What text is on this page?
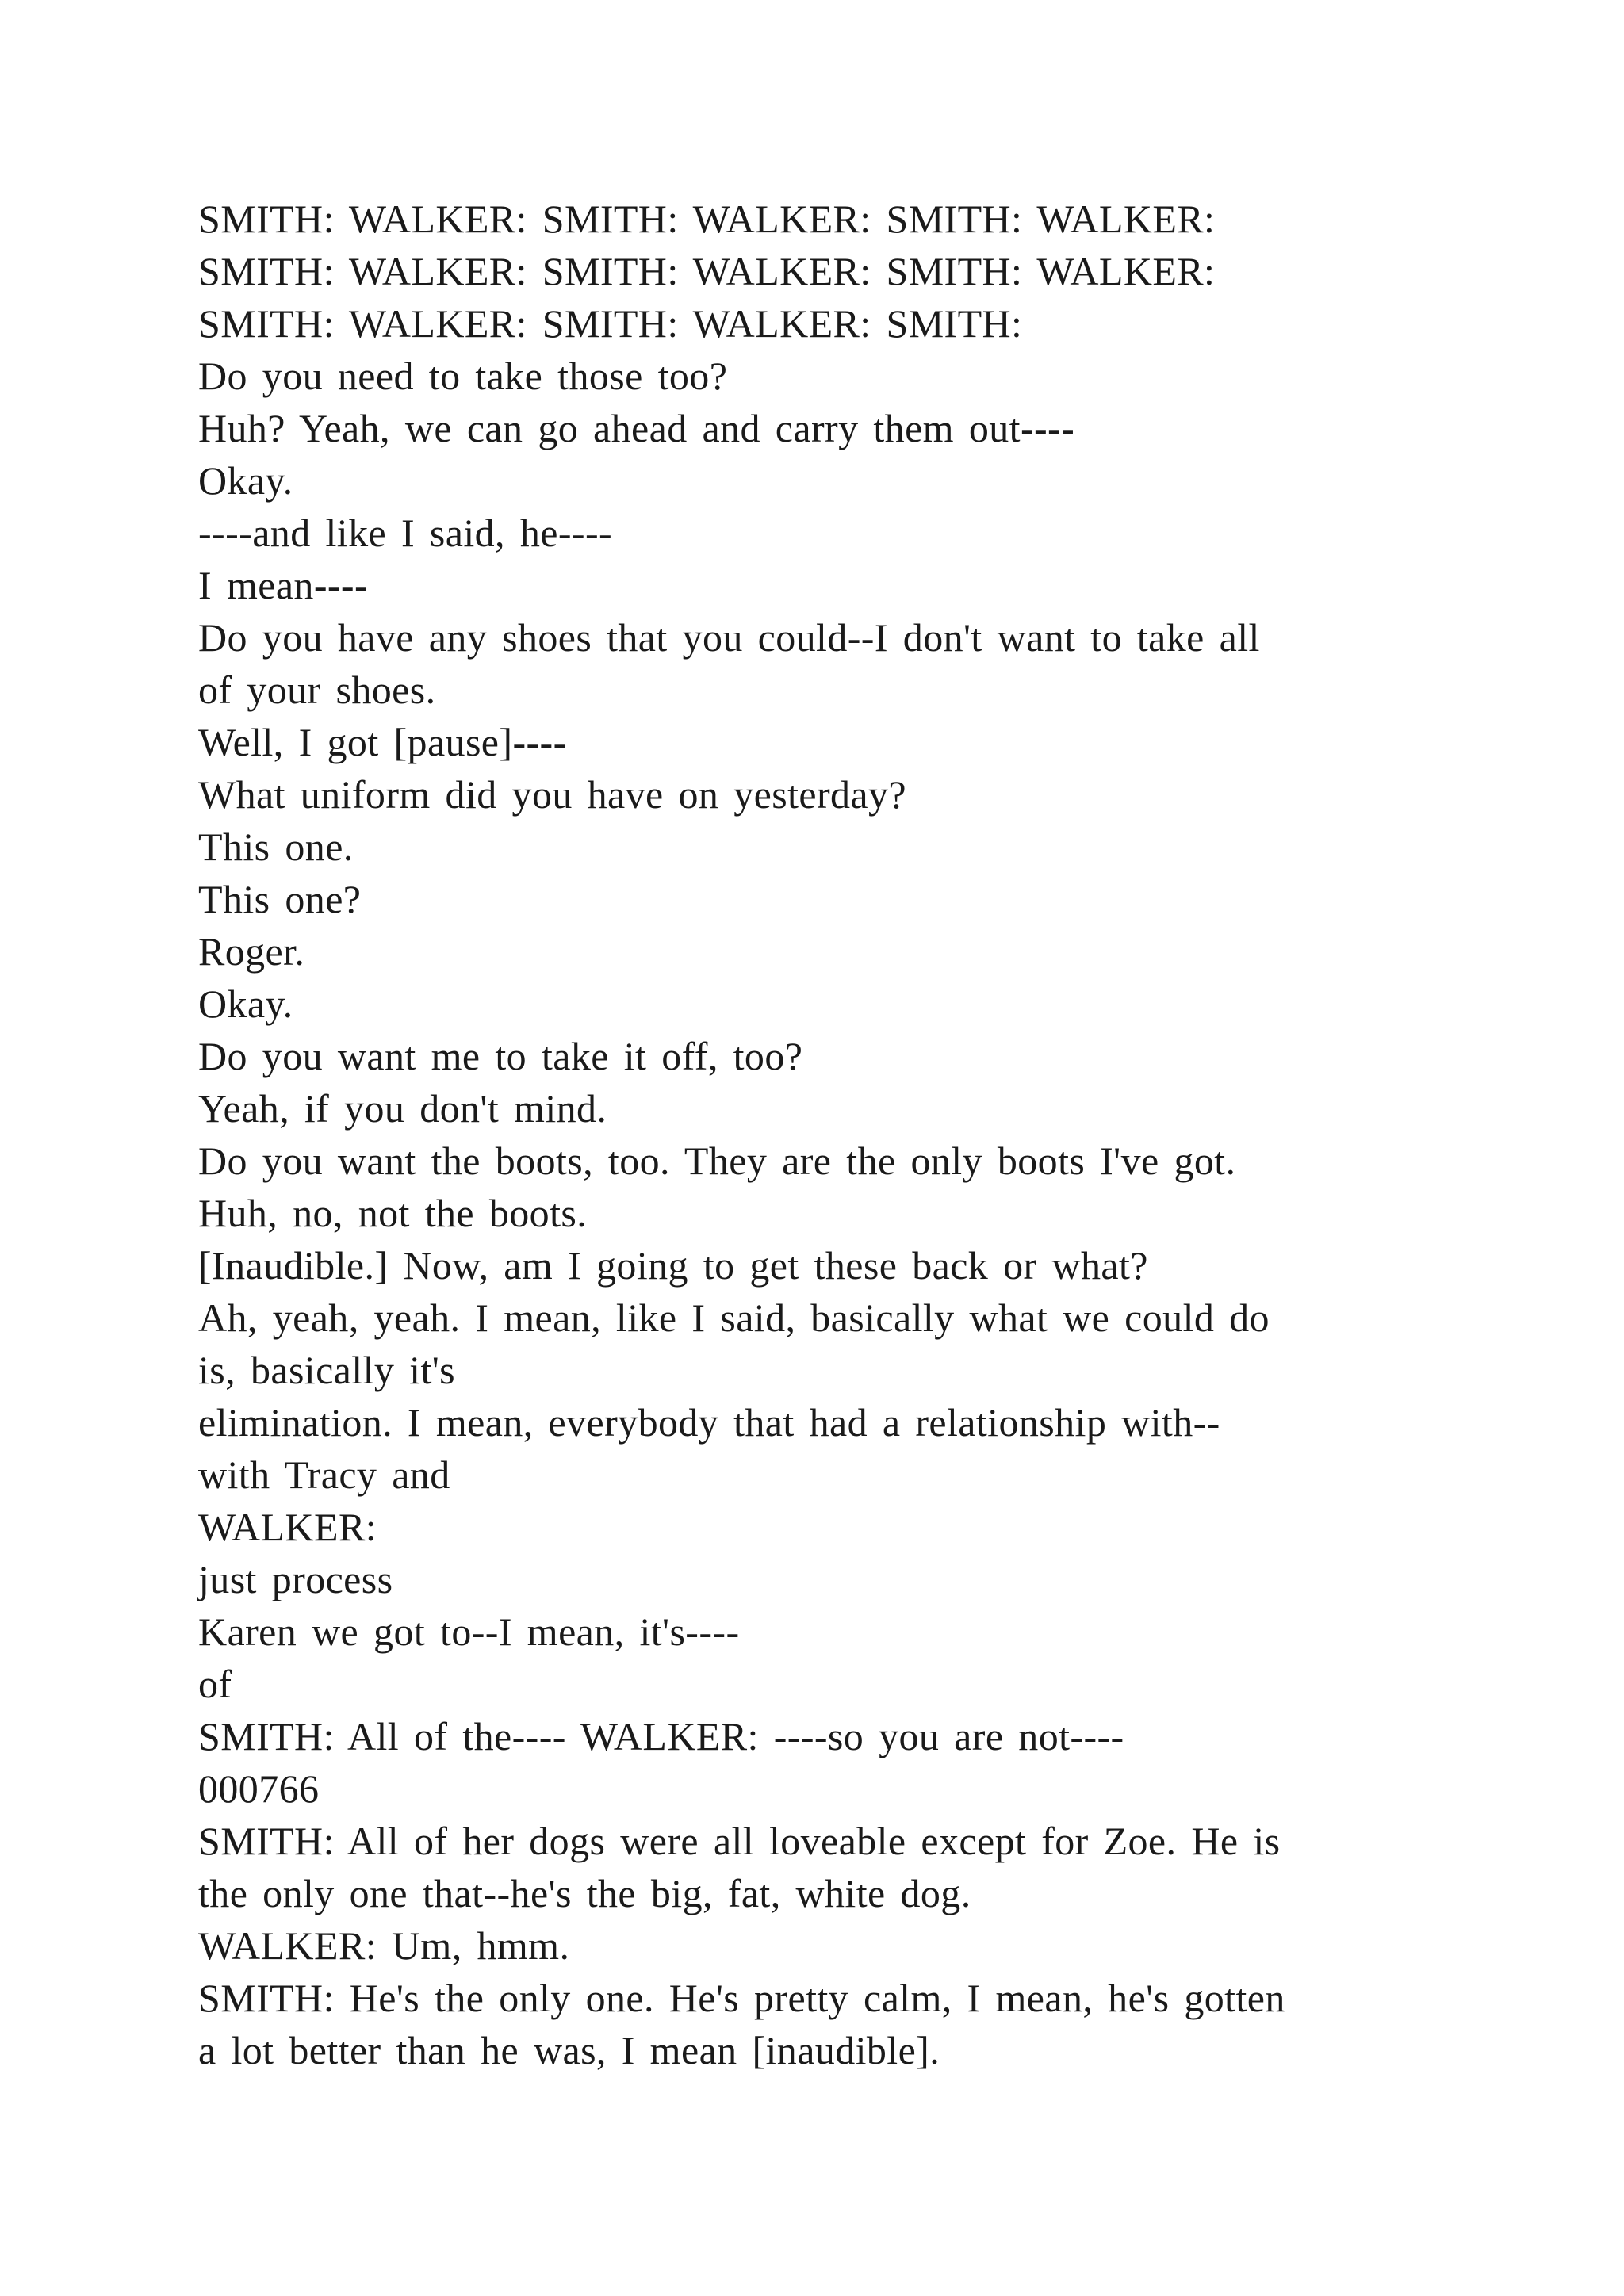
SMITH: WALKER: SMITH: WALKER: SMITH: WALKER:
SMITH: WALKER: SMITH: WALKER: SMITH: WALKER:
SMITH: WALKER: SMITH: WALKER: SMITH:
Do you need to take those too?
Huh? Yeah, we can go ahead and carry them out----
Okay.
----and like I said, he----
I mean----
Do you have any shoes that you could--I don't want to take all
of your shoes.
Well, I got [pause]----
What uniform did you have on yesterday?
This one.
This one?
Roger.
Okay.
Do you want me to take it off, too?
Yeah, if you don't mind.
Do you want the boots, too. They are the only boots I've got.
Huh, no, not the boots.
[Inaudible.] Now, am I going to get these back or what?
Ah, yeah, yeah. I mean, like I said, basically what we could do
is, basically it's
elimination. I mean, everybody that had a relationship with--
with Tracy and
WALKER:
just process
Karen we got to--I mean, it's----
of
SMITH: All of the---- WALKER: ----so you are not----
000766
SMITH: All of her dogs were all loveable except for Zoe. He is
the only one that--he's the big, fat, white dog.
WALKER: Um, hmm.
SMITH: He's the only one. He's pretty calm, I mean, he's gotten
a lot better than he was, I mean [inaudible].
